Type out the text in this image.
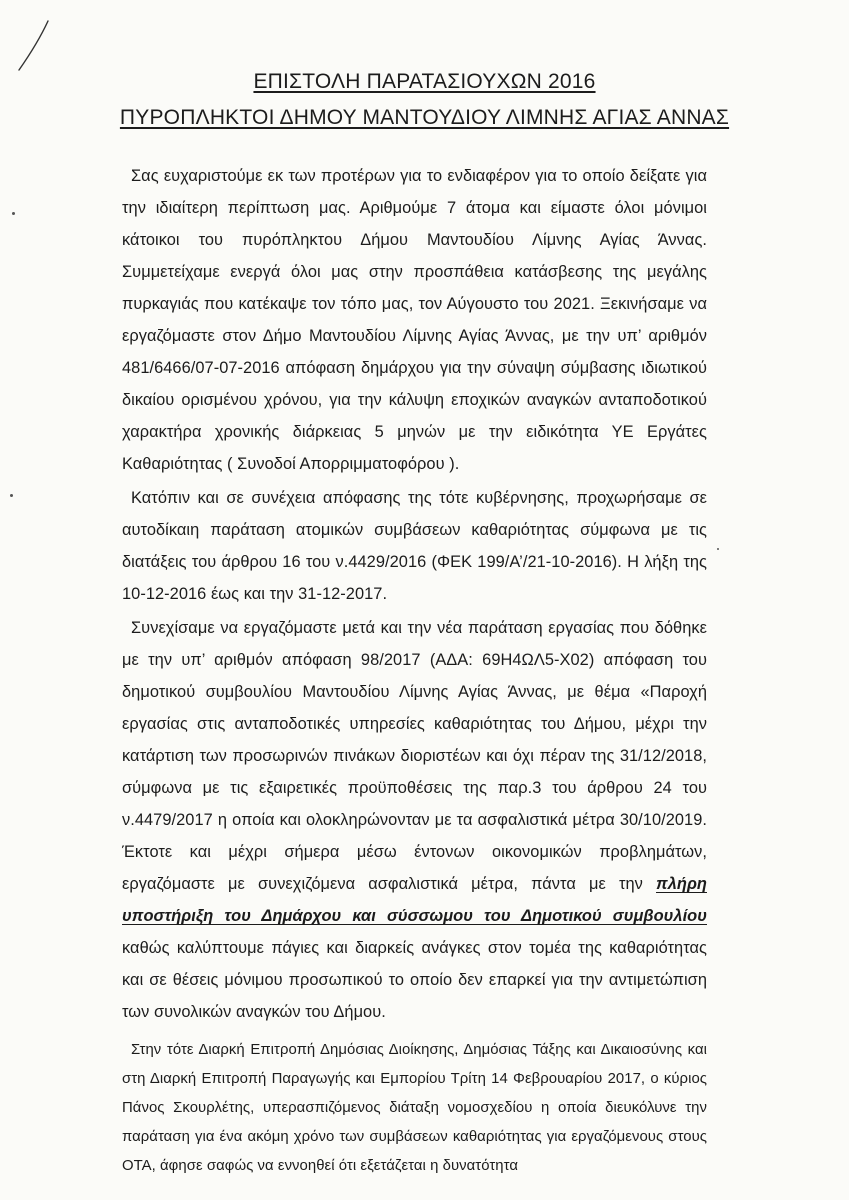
ΕΠΙΣΤΟΛΗ ΠΑΡΑΤΑΣΙΟΥΧΩΝ 2016

ΠΥΡΟΠΛΗΚΤΟΙ ΔΗΜΟΥ ΜΑΝΤΟΥΔΙΟΥ ΛΙΜΝΗΣ ΑΓΙΑΣ ΑΝΝΑΣ

Σας ευχαριστούμε εκ των προτέρων για το ενδιαφέρον για το οποίο δείξατε για την ιδιαίτερη περίπτωση μας. Αριθμούμε 7 άτομα και είμαστε όλοι μόνιμοι κάτοικοι του πυρόπληκτου Δήμου Μαντουδίου Λίμνης Αγίας Άννας. Συμμετείχαμε ενεργά όλοι μας στην προσπάθεια κατάσβεσης της μεγάλης πυρκαγιάς που κατέκαψε τον τόπο μας, τον Αύγουστο του 2021. Ξεκινήσαμε να εργαζόμαστε στον Δήμο Μαντουδίου Λίμνης Αγίας Άννας, με την υπ’ αριθμόν 481/6466/07-07-2016 απόφαση δημάρχου για την σύναψη σύμβασης ιδιωτικού δικαίου ορισμένου χρόνου, για την κάλυψη εποχικών αναγκών ανταποδοτικού χαρακτήρα χρονικής διάρκειας 5 μηνών με την ειδικότητα ΥΕ Εργάτες Καθαριότητας ( Συνοδοί Απορριμματοφόρου ).

Κατόπιν και σε συνέχεια απόφασης της τότε κυβέρνησης, προχωρήσαμε σε αυτοδίκαιη παράταση ατομικών συμβάσεων καθαριότητας σύμφωνα με τις διατάξεις του άρθρου 16 του ν.4429/2016 (ΦΕΚ 199/Α’/21-10-2016). Η λήξη της 10-12-2016 έως και την 31-12-2017.

Συνεχίσαμε να εργαζόμαστε μετά και την νέα παράταση εργασίας που δόθηκε με την υπ’ αριθμόν απόφαση 98/2017 (ΑΔΑ: 69Η4ΩΛ5-Χ02) απόφαση του δημοτικού συμβουλίου Μαντουδίου Λίμνης Αγίας Άννας, με θέμα «Παροχή εργασίας στις ανταποδοτικές υπηρεσίες καθαριότητας του Δήμου, μέχρι την κατάρτιση των προσωρινών πινάκων διοριστέων και όχι πέραν της 31/12/2018, σύμφωνα με τις εξαιρετικές προϋποθέσεις της παρ.3 του άρθρου 24 του ν.4479/2017 η οποία και ολοκληρώνονταν με τα ασφαλιστικά μέτρα 30/10/2019. Έκτοτε και μέχρι σήμερα μέσω έντονων οικονομικών προβλημάτων, εργαζόμαστε με συνεχιζόμενα ασφαλιστικά μέτρα, πάντα με την πλήρη υποστήριξη του Δημάρχου και σύσσωμου του Δημοτικού συμβουλίου καθώς καλύπτουμε πάγιες και διαρκείς ανάγκες στον τομέα της καθαριότητας και σε θέσεις μόνιμου προσωπικού το οποίο δεν επαρκεί για την αντιμετώπιση των συνολικών αναγκών του Δήμου.

Στην τότε Διαρκή Επιτροπή Δημόσιας Διοίκησης, Δημόσιας Τάξης και Δικαιοσύνης και στη Διαρκή Επιτροπή Παραγωγής και Εμπορίου Τρίτη 14 Φεβρουαρίου 2017, ο κύριος Πάνος Σκουρλέτης, υπερασπιζόμενος διάταξη νομοσχεδίου η οποία διευκόλυνε την παράταση για ένα ακόμη χρόνο των συμβάσεων καθαριότητας για εργαζόμενους στους ΟΤΑ, άφησε σαφώς να εννοηθεί ότι εξετάζεται η δυνατότητα
